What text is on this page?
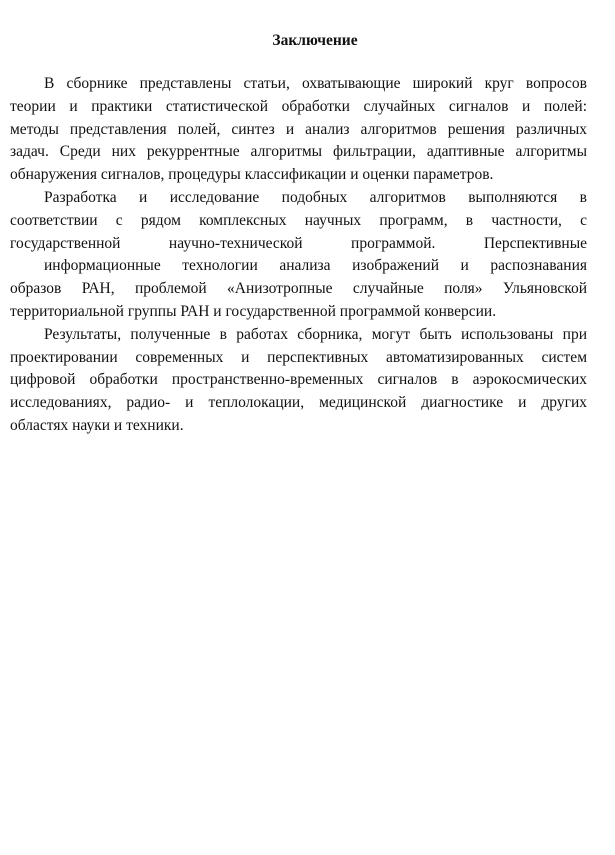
Заключение
В сборнике представлены статьи, охватывающие широкий круг вопросов
теории и практики статистической обработки случайных сигналов и полей:
методы представления полей, синтез и анализ алгоритмов решения различных
задач. Среди них рекуррентные алгоритмы фильтрации, адаптивные алгоритмы
обнаружения сигналов, процедуры классификации и оценки параметров.
Разработка и исследование подобных алгоритмов выполняются в
соответствии с рядом комплексных научных программ, в частности, с
государственной научно-технической программой. Перспективные
информационные технологии анализа изображений и распознавания
образов РАН, проблемой «Анизотропные случайные поля» Ульяновской
территориальной группы РАН и государственной программой конверсии.
Результаты, полученные в работах сборника, могут быть использованы при
проектировании современных и перспективных автоматизированных систем
цифровой обработки пространственно-временных сигналов в аэрокосмических
исследованиях, радио- и теплолокации, медицинской диагностике и других
областях науки и техники.
